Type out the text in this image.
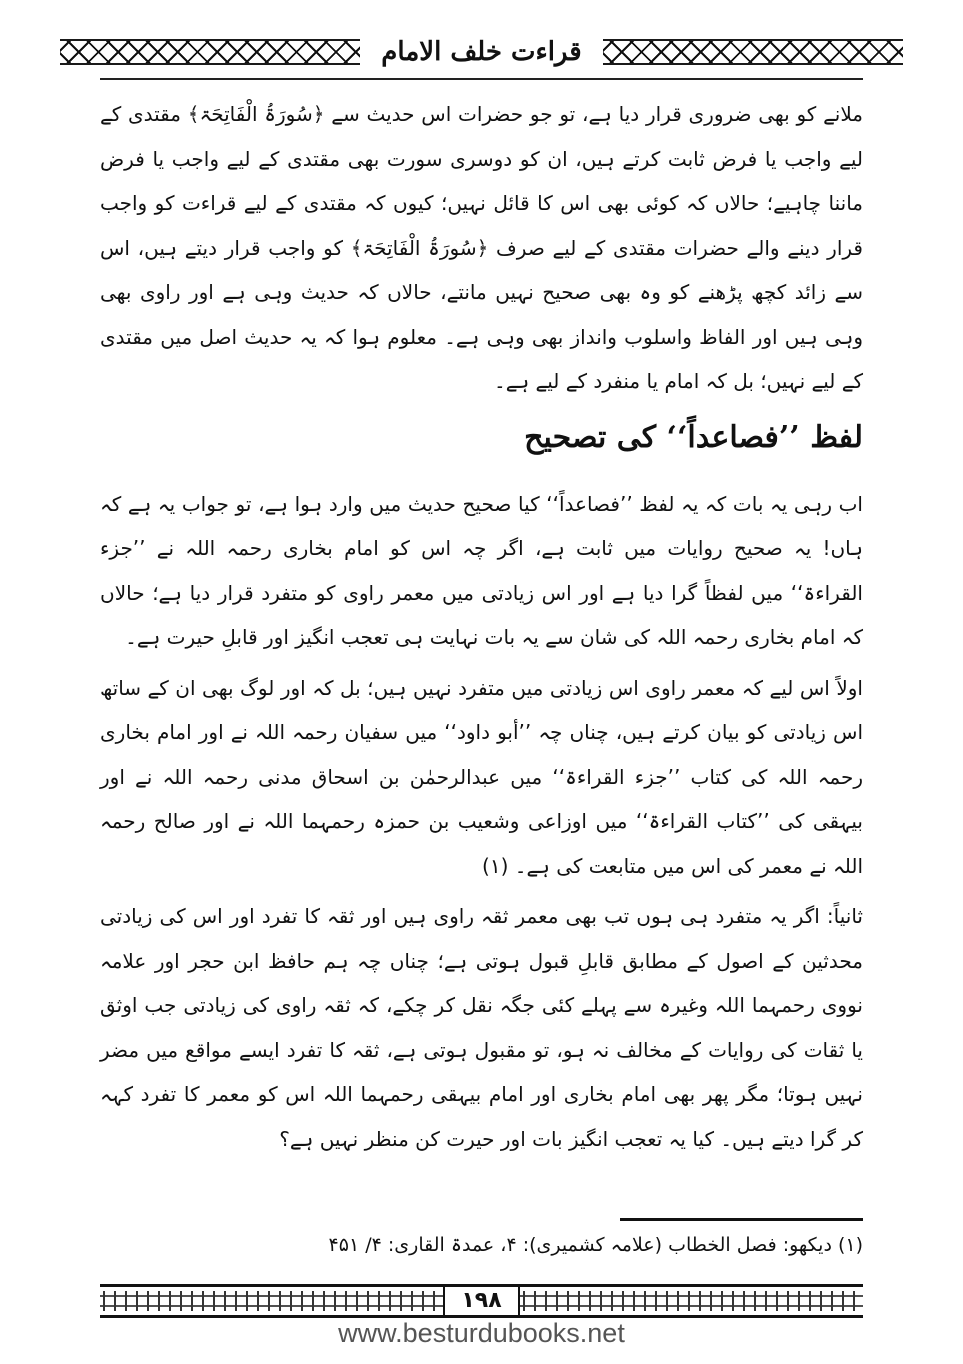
قراءت خلف الامام

ملانے کو بھی ضروری قرار دیا ہے، تو جو حضرات اس حدیث سے ﴿سُورَۃُ الْفَاتِحَۃ﴾ مقتدی کے لیے واجب یا فرض ثابت کرتے ہیں، ان کو دوسری سورت بھی مقتدی کے لیے واجب یا فرض ماننا چاہیے؛ حالاں کہ کوئی بھی اس کا قائل نہیں؛ کیوں کہ مقتدی کے لیے قراءت کو واجب قرار دینے والے حضرات مقتدی کے لیے صرف ﴿سُورَۃُ الْفَاتِحَۃ﴾ کو واجب قرار دیتے ہیں، اس سے زائد کچھ پڑھنے کو وہ بھی صحیح نہیں مانتے، حالاں کہ حدیث وہی ہے اور راوی بھی وہی ہیں اور الفاظ واسلوب وانداز بھی وہی ہے۔ معلوم ہوا کہ یہ حدیث اصل میں مقتدی کے لیے نہیں؛ بل کہ امام یا منفرد کے لیے ہے۔

لفظ ’’فصاعداً‘‘ کی تصحیح

اب رہی یہ بات کہ یہ لفظ ’’فصاعداً‘‘ کیا صحیح حدیث میں وارد ہوا ہے، تو جواب یہ ہے کہ ہاں! یہ صحیح روایات میں ثابت ہے، اگر چہ اس کو امام بخاری رحمہ اللہ نے ’’جزء القراءۃ‘‘ میں لفظاً گرا دیا ہے اور اس زیادتی میں معمر راوی کو متفرد قرار دیا ہے؛ حالاں کہ امام بخاری رحمہ اللہ کی شان سے یہ بات نہایت ہی تعجب انگیز اور قابلِ حیرت ہے۔

اولاً اس لیے کہ معمر راوی اس زیادتی میں متفرد نہیں ہیں؛ بل کہ اور لوگ بھی ان کے ساتھ اس زیادتی کو بیان کرتے ہیں، چناں چہ ’’أبو داود‘‘ میں سفیان رحمہ اللہ نے اور امام بخاری رحمہ اللہ کی کتاب ’’جزء القراءۃ‘‘ میں عبدالرحمٰن بن اسحاق مدنی رحمہ اللہ نے اور بیہقی کی ’’کتاب القراءۃ‘‘ میں اوزاعی وشعیب بن حمزہ رحمہما اللہ نے اور صالح رحمہ اللہ نے معمر کی اس میں متابعت کی ہے۔ (۱)

ثانیاً: اگر یہ متفرد ہی ہوں تب بھی معمر ثقہ راوی ہیں اور ثقہ کا تفرد اور اس کی زیادتی محدثین کے اصول کے مطابق قابلِ قبول ہوتی ہے؛ چناں چہ ہم حافظ ابن حجر اور علامہ نووی رحمہما اللہ وغیرہ سے پہلے کئی جگہ نقل کر چکے، کہ ثقہ راوی کی زیادتی جب اوثق یا ثقات کی روایات کے مخالف نہ ہو، تو مقبول ہوتی ہے، ثقہ کا تفرد ایسے مواقع میں مضر نہیں ہوتا؛ مگر پھر بھی امام بخاری اور امام بیہقی رحمہما اللہ اس کو معمر کا تفرد کہہ کر گرا دیتے ہیں۔ کیا یہ تعجب انگیز بات اور حیرت کن منظر نہیں ہے؟

(۱) دیکھو: فصل الخطاب (علامہ کشمیری): ۴، عمدۃ القاری: ۴/ ۴۵۱
۱۹۸
www.besturdubooks.net
